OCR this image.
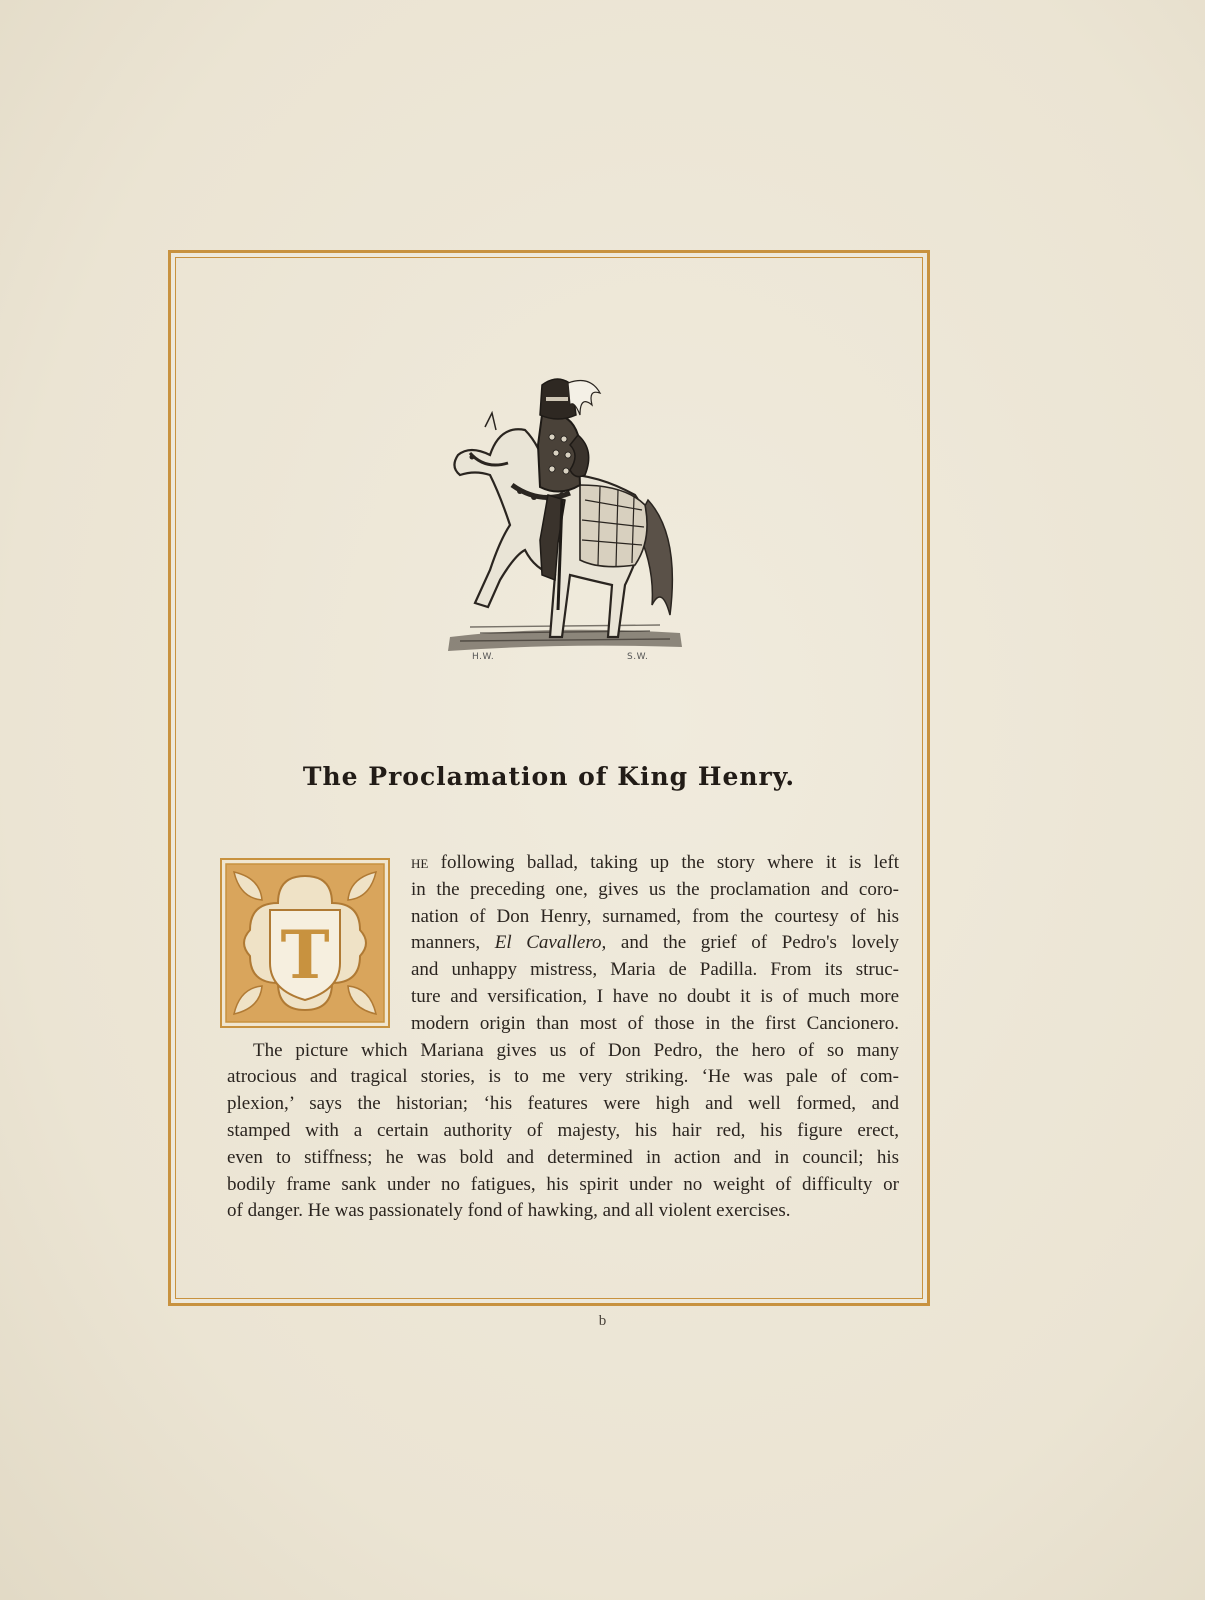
H.W.	S.W.
The Proclamation of King Henry.
T
he following ballad, taking up the story where it is left
in the preceding one, gives us the proclamation and coro-
nation of Don Henry, surnamed, from the courtesy of his
manners, El Cavallero, and the grief of Pedro's lovely
and unhappy mistress, Maria de Padilla. From its struc-
ture and versification, I have no doubt it is of much more
modern origin than most of those in the first Cancionero.
The picture which Mariana gives us of Don Pedro, the hero of so many
atrocious and tragical stories, is to me very striking. ‘He was pale of com-
plexion,’ says the historian; ‘his features were high and well formed, and
stamped with a certain authority of majesty, his hair red, his figure erect,
even to stiffness; he was bold and determined in action and in council; his
bodily frame sank under no fatigues, his spirit under no weight of difficulty or
of danger. He was passionately fond of hawking, and all violent exercises.
b
